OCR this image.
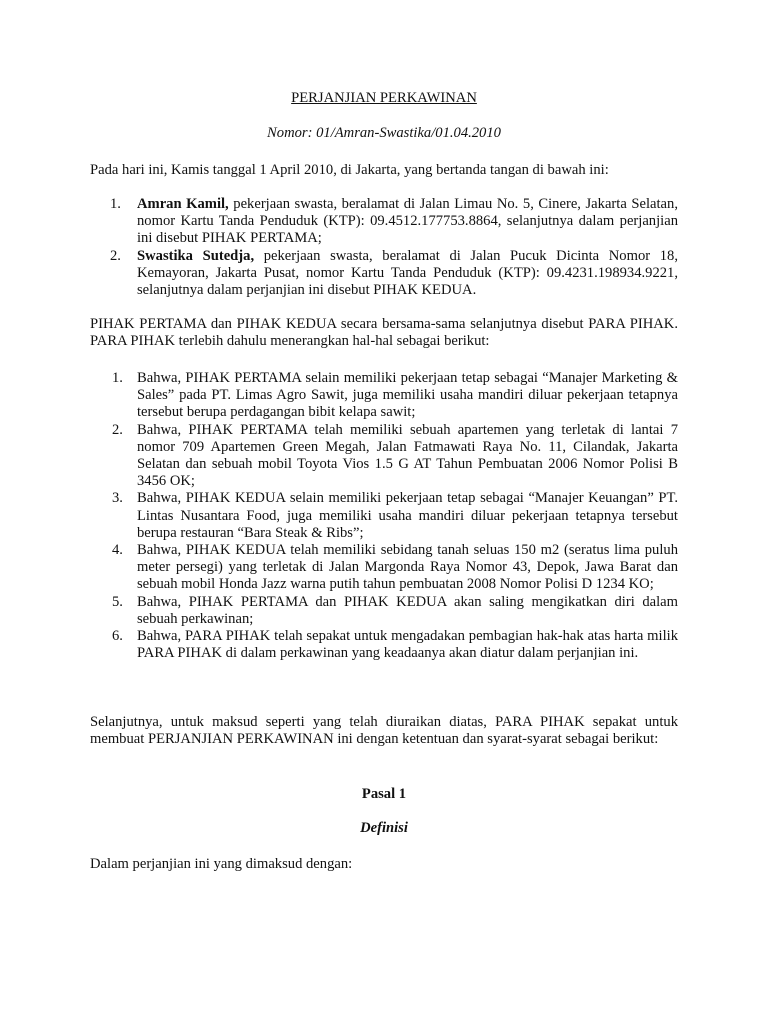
PERJANJIAN PERKAWINAN

Nomor: 01/Amran-Swastika/01.04.2010

Pada hari ini, Kamis tanggal 1 April 2010, di Jakarta, yang bertanda tangan di bawah ini:

1. Amran Kamil, pekerjaan swasta, beralamat di Jalan Limau No. 5, Cinere, Jakarta Selatan, nomor Kartu Tanda Penduduk (KTP): 09.4512.177753.8864, selanjutnya dalam perjanjian ini disebut PIHAK PERTAMA;
2. Swastika Sutedja, pekerjaan swasta, beralamat di Jalan Pucuk Dicinta Nomor 18, Kemayoran, Jakarta Pusat, nomor Kartu Tanda Penduduk (KTP): 09.4231.198934.9221, selanjutnya dalam perjanjian ini disebut PIHAK KEDUA.

PIHAK PERTAMA dan PIHAK KEDUA secara bersama-sama selanjutnya disebut PARA PIHAK. PARA PIHAK terlebih dahulu menerangkan hal-hal sebagai berikut:

1. Bahwa, PIHAK PERTAMA selain memiliki pekerjaan tetap sebagai “Manajer Marketing & Sales” pada PT. Limas Agro Sawit, juga memiliki usaha mandiri diluar pekerjaan tetapnya tersebut berupa perdagangan bibit kelapa sawit;
2. Bahwa, PIHAK PERTAMA telah memiliki sebuah apartemen yang terletak di lantai 7 nomor 709 Apartemen Green Megah, Jalan Fatmawati Raya No. 11, Cilandak, Jakarta Selatan dan sebuah mobil Toyota Vios 1.5 G AT Tahun Pembuatan 2006 Nomor Polisi B 3456 OK;
3. Bahwa, PIHAK KEDUA selain memiliki pekerjaan tetap sebagai “Manajer Keuangan” PT. Lintas Nusantara Food, juga memiliki usaha mandiri diluar pekerjaan tetapnya tersebut berupa restauran “Bara Steak & Ribs”;
4. Bahwa, PIHAK KEDUA telah memiliki sebidang tanah seluas 150 m2 (seratus lima puluh meter persegi) yang terletak di Jalan Margonda Raya Nomor 43, Depok, Jawa Barat dan sebuah mobil Honda Jazz warna putih tahun pembuatan 2008 Nomor Polisi D 1234 KO;
5. Bahwa, PIHAK PERTAMA dan PIHAK KEDUA akan saling mengikatkan diri dalam sebuah perkawinan;
6. Bahwa, PARA PIHAK telah sepakat untuk mengadakan pembagian hak-hak atas harta milik PARA PIHAK di dalam perkawinan yang keadaanya akan diatur dalam perjanjian ini.

Selanjutnya, untuk maksud seperti yang telah diuraikan diatas, PARA PIHAK sepakat untuk membuat PERJANJIAN PERKAWINAN ini dengan ketentuan dan syarat-syarat sebagai berikut:

Pasal 1

Definisi

Dalam perjanjian ini yang dimaksud dengan:
